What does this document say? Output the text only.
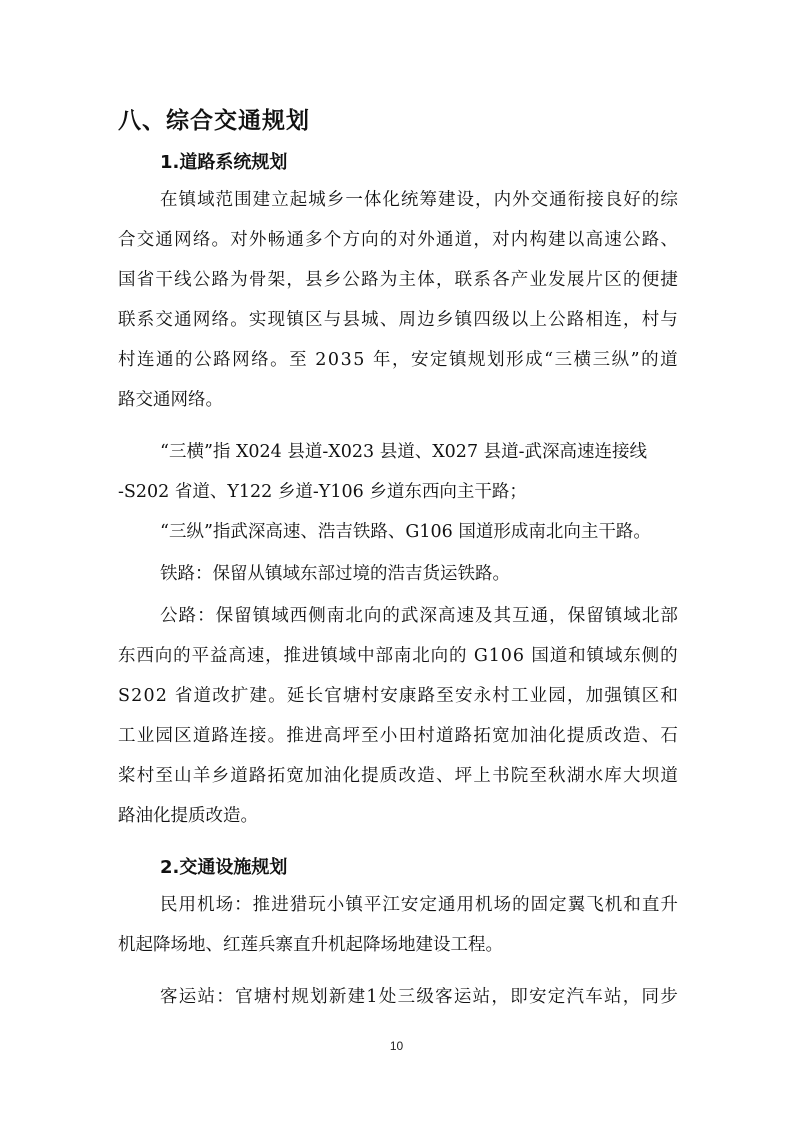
八、综合交通规划
1.道路系统规划

在 镇 域 范 围 建 立 起 城 乡 一 体 化 统 筹 建 设 ， 内 外 交 通 衔 接 良 好 的 综

合 交 通 网 络 。 对 外 畅 通 多 个 方 向 的 对 外 通 道 ， 对 内 构 建 以 高 速 公 路 、

国 省 干 线 公 路 为 骨 架 ， 县 乡 公 路 为 主 体 ， 联 系 各 产 业 发 展 片 区 的 便 捷

联 系 交 通 网 络 。 实 现 镇 区 与 县 城 、 周 边 乡 镇 四 级 以 上 公 路 相 连 ， 村 与

村 连 通 的 公 路 网 络 。 至
2 0 3 5
年 ， 安 定 镇 规 划 形 成 “ 三 横 三 纵 ” 的 道

路交通网络。

“三横”指 X024 县道-X023 县道、X027 县道-武深高速连接线

-S202 省道、Y122 乡道-Y106 乡道东西向主干路；

“三纵”指武深高速、浩吉铁路、G106 国道形成南北向主干路。

铁路：保留从镇域东部过境的浩吉货运铁路。

公 路 ： 保 留 镇 域 西 侧 南 北 向 的 武 深 高 速 及 其 互 通 ， 保 留 镇 域 北 部

东 西 向 的 平 益 高 速 ， 推 进 镇 域 中 部 南 北 向 的
G 1 0 6
国 道 和 镇 域 东 侧 的

S 2 0 2
省 道 改 扩 建 。 延 长 官 塘 村 安 康 路 至 安 永 村 工 业 园 ， 加 强 镇 区 和

工 业 园 区 道 路 连 接 。 推 进 高 坪 至 小 田 村 道 路 拓 宽 加 油 化 提 质 改 造 、 石

桨 村 至 山 羊 乡 道 路 拓 宽 加 油 化 提 质 改 造 、 坪 上 书 院 至 秋 湖 水 库 大 坝 道

路油化提质改造。

2.交通设施规划

民 用 机 场 ： 推 进 猎 玩 小 镇 平 江 安 定 通 用 机 场 的 固 定 翼 飞 机 和 直 升

机起降场地、红莲兵寨直升机起降场地建设工程。

客 运 站 ： 官 塘 村 规 划 新 建 1 处 三 级 客 运 站 ， 即 安 定 汽 车 站 ， 同 步

10
